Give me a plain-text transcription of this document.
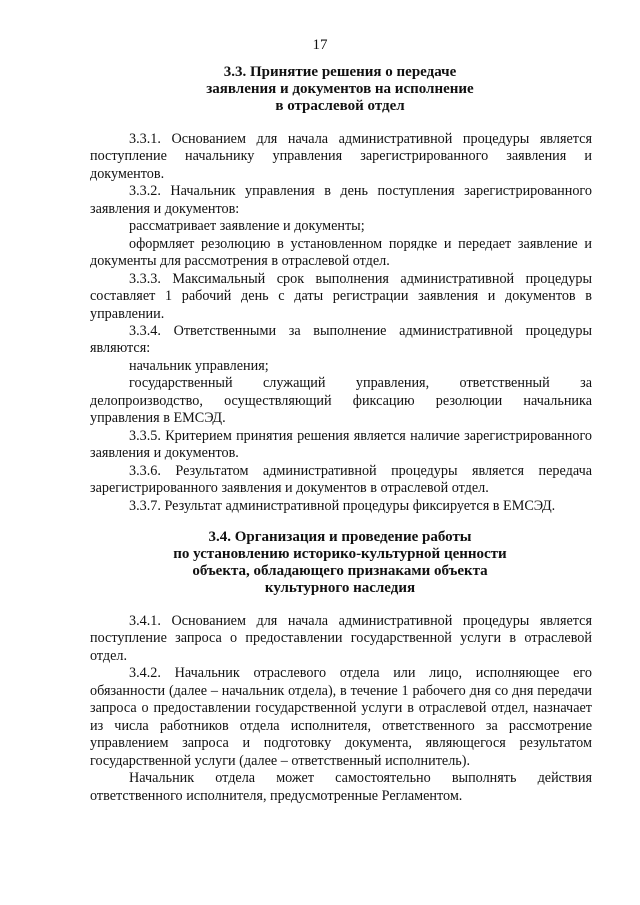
17
3.3. Принятие решения о передаче
заявления и документов на исполнение
в отраслевой отдел

3.3.1. Основанием для начала административной процедуры является поступление начальнику управления зарегистрированного заявления и документов.

3.3.2. Начальник управления в день поступления зарегистрированного заявления и документов:

рассматривает заявление и документы;

оформляет резолюцию в установленном порядке и передает заявление и документы для рассмотрения в отраслевой отдел.

3.3.3. Максимальный срок выполнения административной процедуры составляет 1 рабочий день с даты регистрации заявления и документов в управлении.

3.3.4. Ответственными за выполнение административной процедуры являются:

начальник управления;

государственный служащий управления, ответственный за делопроизводство, осуществляющий фиксацию резолюции начальника управления в ЕМСЭД.

3.3.5. Критерием принятия решения является наличие зарегистрированного заявления и документов.

3.3.6. Результатом административной процедуры является передача зарегистрированного заявления и документов в отраслевой отдел.

3.3.7. Результат административной процедуры фиксируется в ЕМСЭД.

3.4. Организация и проведение работы
по установлению историко-культурной ценности
объекта, обладающего признаками объекта
культурного наследия

3.4.1. Основанием для начала административной процедуры является поступление запроса о предоставлении государственной услуги в отраслевой отдел.

3.4.2. Начальник отраслевого отдела или лицо, исполняющее его обязанности (далее – начальник отдела), в течение 1 рабочего дня со дня передачи запроса о предоставлении государственной услуги в отраслевой отдел, назначает из числа работников отдела исполнителя, ответственного за рассмотрение управлением запроса и подготовку документа, являющегося результатом государственной услуги (далее – ответственный исполнитель).

Начальник отдела может самостоятельно выполнять действия ответственного исполнителя, предусмотренные Регламентом.
